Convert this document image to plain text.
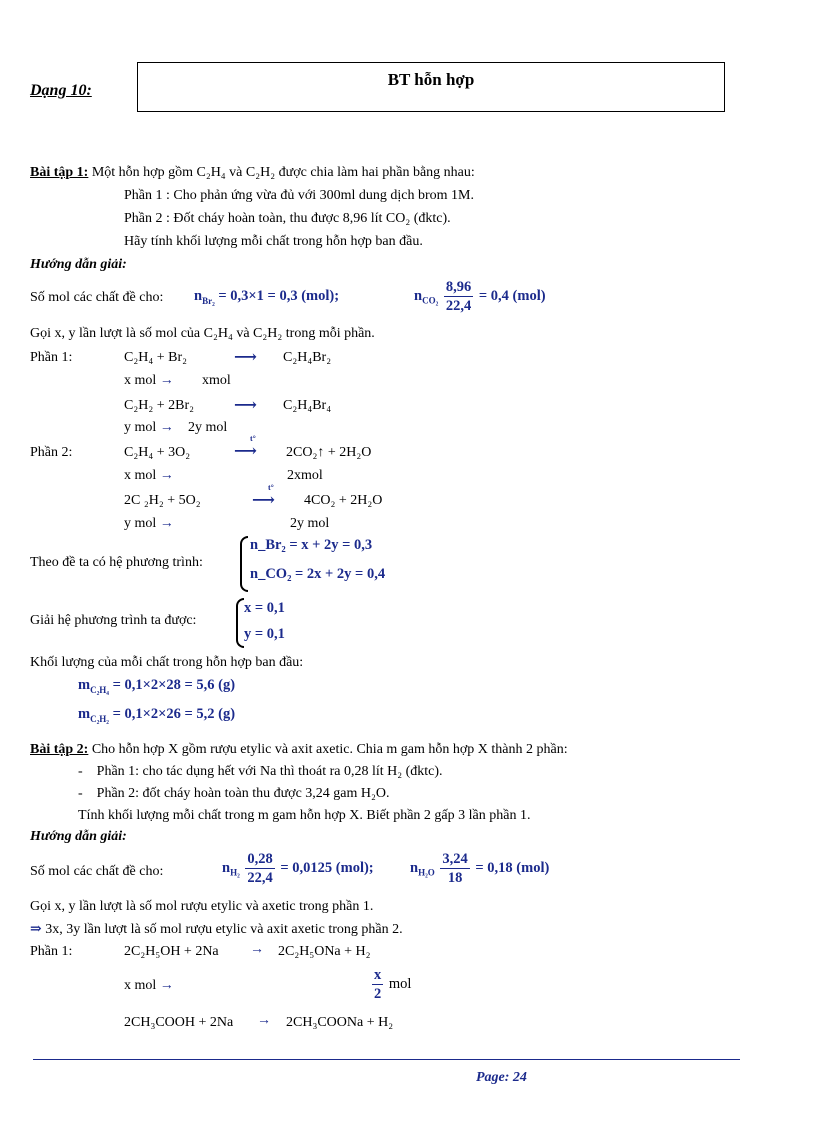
Dạng 10:
BT hỗn hợp
Bài tập 1: Một hỗn hợp gồm C₂H₄ và C₂H₂ được chia làm hai phần bằng nhau:
Phần 1 : Cho phản ứng vừa đủ với 300ml dung dịch brom 1M.
Phần 2 : Đốt cháy hoàn toàn, thu được 8,96 lít CO₂ (đktc).
Hãy tính khối lượng mỗi chất trong hỗn hợp ban đầu.
Hướng dẫn giải:
Số mol các chất đề cho: $n_{Br_2} = 0,3\times 1 = 0,3$ (mol);	$n_{CO_2} \frac{8,96}{22,4} = 0,4$ (mol)
Gọi x, y lần lượt là số mol của C₂H₄ và C₂H₂ trong mỗi phần.
Phần 1:	C₂H₄ + Br₂	⟶ C₂H₄Br₂
x mol → xmol
C₂H₂ + 2Br₂	⟶ C₂H₄Br₄
y mol → 2y mol
Phần 2:	C₂H₄ + 3O₂	⟶
t°
2CO₂↑ + 2H₂O
x mol →	2xmol
2C ₂H₂ + 5O₂	⟶
t°
4CO₂ + 2H₂O
y mol →	2y mol
Theo đề ta có hệ phương trình:
n_Br₂ = x + 2y = 0,3
n_CO₂ = 2x + 2y = 0,4
Giải hệ phương trình ta được:
x = 0,1
y = 0,1
Khối lượng của mỗi chất trong hỗn hợp ban đầu:
$m_{C_2H_4} = 0,1\times 2\times 28 = 5,6$ (g)
$m_{C_2H_2} = 0,1\times 2\times 26 = 5,2$ (g)
Bài tập 2: Cho hỗn hợp X gồm rượu etylic và axit axetic. Chia m gam hỗn hợp X thành 2 phần:
-    Phần 1: cho tác dụng hết với Na thì thoát ra 0,28 lít H₂ (đktc).
-    Phần 2: đốt cháy hoàn toàn thu được 3,24 gam H₂O.
Tính khối lượng mỗi chất trong m gam hỗn hợp X. Biết phần 2 gấp 3 lần phần 1.
Hướng dẫn giải:
Số mol các chất đề cho:	$n_{H_2} \frac{0,28}{22,4} = 0,0125$ (mol);	$n_{H_2O} \frac{3,24}{18} = 0,18$ (mol)
Gọi x, y lần lượt là số mol rượu etylic và axetic trong phần 1.
⇒ 3x, 3y lần lượt là số mol rượu etylic và axit axetic trong phần 2.
Phần 1:	2C₂H₅OH + 2Na → 2C₂H₅ONa + H₂
x mol →	$\frac{x}{2}$ mol
2CH₃COOH + 2Na → 2CH₃COONa + H₂
Page: 24
